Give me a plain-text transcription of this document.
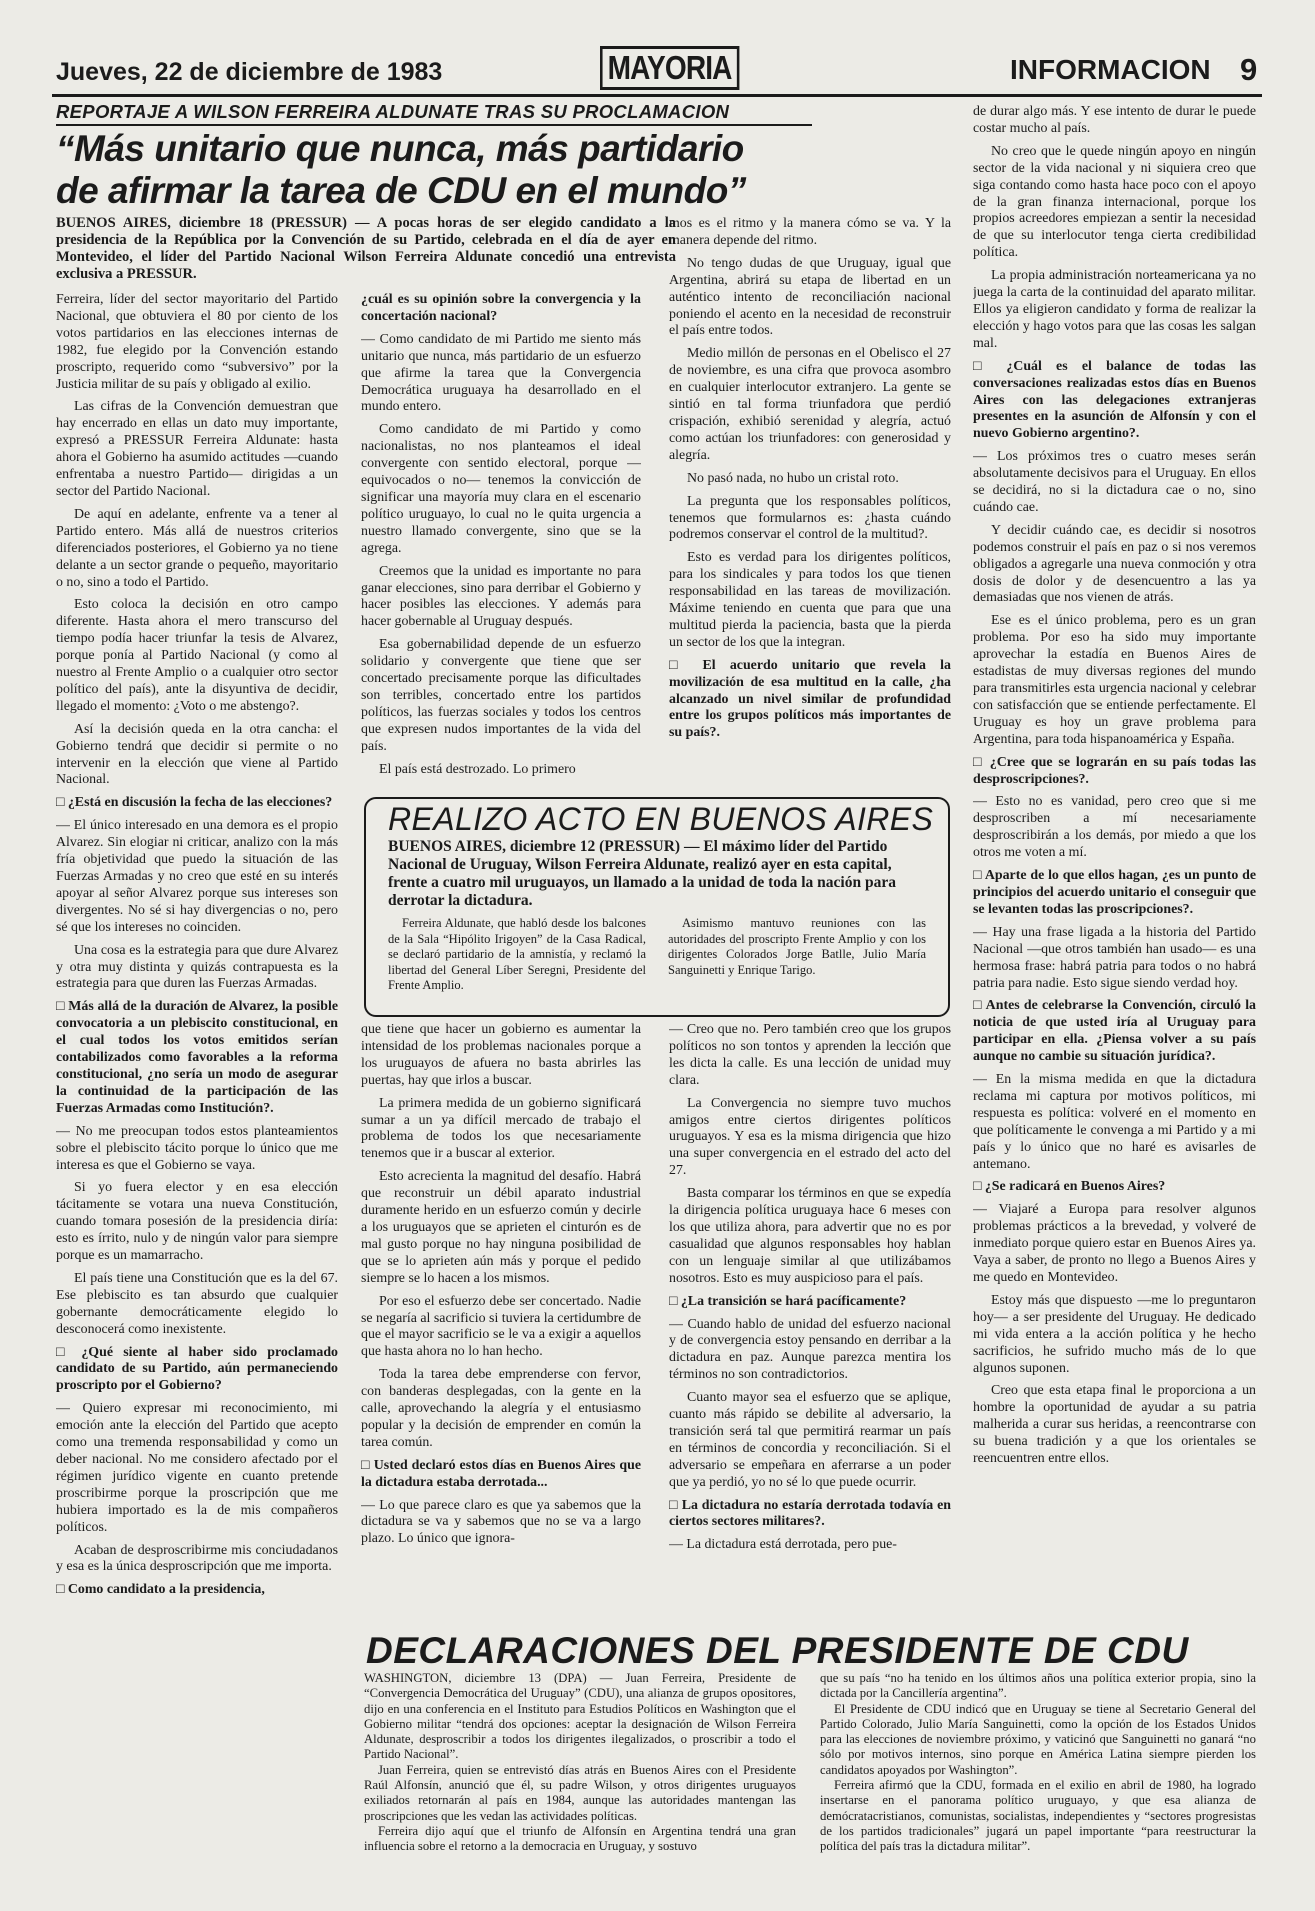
Jueves, 22 de diciembre de 1983	MAYORIA	INFORMACION 9
REPORTAJE A WILSON FERREIRA ALDUNATE TRAS SU PROCLAMACION
“Más unitario que nunca, más partidario
de afirmar la tarea de CDU en el mundo”
BUENOS AIRES, diciembre 18 (PRESSUR) — A pocas horas de ser elegido candidato a la presidencia de la República por la Convención de su Partido, celebrada en el día de ayer en Montevideo, el líder del Partido Nacional Wilson Ferreira Aldunate concedió una entrevista exclusiva a PRESSUR.

Ferreira, líder del sector mayoritario del Partido Nacional, que obtuviera el 80 por ciento de los votos partidarios en las elecciones internas de 1982, fue elegido por la Convención estando proscripto, requerido como “subversivo” por la Justicia militar de su país y obligado al exilio.

Las cifras de la Convención demuestran que hay encerrado en ellas un dato muy importante, expresó a PRESSUR Ferreira Aldunate: hasta ahora el Gobierno ha asumido actitudes —cuando enfrentaba a nuestro Partido— dirigidas a un sector del Partido Nacional.

De aquí en adelante, enfrente va a tener al Partido entero. Más allá de nuestros criterios diferenciados posteriores, el Gobierno ya no tiene delante a un sector grande o pequeño, mayoritario o no, sino a todo el Partido.

Esto coloca la decisión en otro campo diferente. Hasta ahora el mero transcurso del tiempo podía hacer triunfar la tesis de Alvarez, porque ponía al Partido Nacional (y como al nuestro al Frente Amplio o a cualquier otro sector político del país), ante la disyuntiva de decidir, llegado el momento: ¿Voto o me abstengo?.

Así la decisión queda en la otra cancha: el Gobierno tendrá que decidir si permite o no intervenir en la elección que viene al Partido Nacional.

□ ¿Está en discusión la fecha de las elecciones?

— El único interesado en una demora es el propio Alvarez. Sin elogiar ni criticar, analizo con la más fría objetividad que puedo la situación de las Fuerzas Armadas y no creo que esté en su interés apoyar al señor Alvarez porque sus intereses son divergentes. No sé si hay divergencias o no, pero sé que los intereses no coinciden.

Una cosa es la estrategia para que dure Alvarez y otra muy distinta y quizás contrapuesta es la estrategia para que duren las Fuerzas Armadas.

□ Más allá de la duración de Alvarez, la posible convocatoria a un plebiscito constitucional, en el cual todos los votos emitidos serían contabilizados como favorables a la reforma constitucional, ¿no sería un modo de asegurar la continuidad de la participación de las Fuerzas Armadas como Institución?.

— No me preocupan todos estos planteamientos sobre el plebiscito tácito porque lo único que me interesa es que el Gobierno se vaya.

Si yo fuera elector y en esa elección tácitamente se votara una nueva Constitución, cuando tomara posesión de la presidencia diría: esto es írrito, nulo y de ningún valor para siempre porque es un mamarracho.

El país tiene una Constitución que es la del 67. Ese plebiscito es tan absurdo que cualquier gobernante democráticamente elegido lo desconocerá como inexistente.

□ ¿Qué siente al haber sido proclamado candidato de su Partido, aún permaneciendo proscripto por el Gobierno?

— Quiero expresar mi reconocimiento, mi emoción ante la elección del Partido que acepto como una tremenda responsabilidad y como un deber nacional. No me considero afectado por el régimen jurídico vigente en cuanto pretende proscribirme porque la proscripción que me hubiera importado es la de mis compañeros políticos.

Acaban de desproscribirme mis conciudadanos y esa es la única desproscripción que me importa.

□ Como candidato a la presidencia,

¿cuál es su opinión sobre la convergencia y la concertación nacional?

— Como candidato de mi Partido me siento más unitario que nunca, más partidario de un esfuerzo que afirme la tarea que la Convergencia Democrática uruguaya ha desarrollado en el mundo entero.

Como candidato de mi Partido y como nacionalistas, no nos planteamos el ideal convergente con sentido electoral, porque —equivocados o no— tenemos la convicción de significar una mayoría muy clara en el escenario político uruguayo, lo cual no le quita urgencia a nuestro llamado convergente, sino que se la agrega.

Creemos que la unidad es importante no para ganar elecciones, sino para derribar el Gobierno y hacer posibles las elecciones. Y además para hacer gobernable al Uruguay después.

Esa gobernabilidad depende de un esfuerzo solidario y convergente que tiene que ser concertado precisamente porque las dificultades son terribles, concertado entre los partidos políticos, las fuerzas sociales y todos los centros que expresen nudos importantes de la vida del país.

El país está destrozado. Lo primero

mos es el ritmo y la manera cómo se va. Y la manera depende del ritmo.

No tengo dudas de que Uruguay, igual que Argentina, abrirá su etapa de libertad en un auténtico intento de reconciliación nacional poniendo el acento en la necesidad de reconstruir el país entre todos.

Medio millón de personas en el Obelisco el 27 de noviembre, es una cifra que provoca asombro en cualquier interlocutor extranjero. La gente se sintió en tal forma triunfadora que perdió crispación, exhibió serenidad y alegría, actuó como actúan los triunfadores: con generosidad y alegría.

No pasó nada, no hubo un cristal roto.

La pregunta que los responsables políticos, tenemos que formularnos es: ¿hasta cuándo podremos conservar el control de la multitud?.

Esto es verdad para los dirigentes políticos, para los sindicales y para todos los que tienen responsabilidad en las tareas de movilización. Máxime teniendo en cuenta que para que una multitud pierda la paciencia, basta que la pierda un sector de los que la integran.

□ El acuerdo unitario que revela la movilización de esa multitud en la calle, ¿ha alcanzado un nivel similar de profundidad entre los grupos políticos más importantes de su país?.

que tiene que hacer un gobierno es aumentar la intensidad de los problemas nacionales porque a los uruguayos de afuera no basta abrirles las puertas, hay que irlos a buscar.

La primera medida de un gobierno significará sumar a un ya difícil mercado de trabajo el problema de todos los que necesariamente tenemos que ir a buscar al exterior.

Esto acrecienta la magnitud del desafío. Habrá que reconstruir un débil aparato industrial duramente herido en un esfuerzo común y decirle a los uruguayos que se aprieten el cinturón es de mal gusto porque no hay ninguna posibilidad de que se lo aprieten aún más y porque el pedido siempre se lo hacen a los mismos.

Por eso el esfuerzo debe ser concertado. Nadie se negaría al sacrificio si tuviera la certidumbre de que el mayor sacrificio se le va a exigir a aquellos que hasta ahora no lo han hecho.

Toda la tarea debe emprenderse con fervor, con banderas desplegadas, con la gente en la calle, aprovechando la alegría y el entusiasmo popular y la decisión de emprender en común la tarea común.

□ Usted declaró estos días en Buenos Aires que la dictadura estaba derrotada...

— Lo que parece claro es que ya sabemos que la dictadura se va y sabemos que no se va a largo plazo. Lo único que ignora-

— Creo que no. Pero también creo que los grupos políticos no son tontos y aprenden la lección que les dicta la calle. Es una lección de unidad muy clara.

La Convergencia no siempre tuvo muchos amigos entre ciertos dirigentes políticos uruguayos. Y esa es la misma dirigencia que hizo una super convergencia en el estrado del acto del 27.

Basta comparar los términos en que se expedía la dirigencia política uruguaya hace 6 meses con los que utiliza ahora, para advertir que no es por casualidad que algunos responsables hoy hablan con un lenguaje similar al que utilizábamos nosotros. Esto es muy auspicioso para el país.

□ ¿La transición se hará pacíficamente?

— Cuando hablo de unidad del esfuerzo nacional y de convergencia estoy pensando en derribar a la dictadura en paz. Aunque parezca mentira los términos no son contradictorios.

Cuanto mayor sea el esfuerzo que se aplique, cuanto más rápido se debilite al adversario, la transición será tal que permitirá rearmar un país en términos de concordia y reconciliación. Si el adversario se empeñara en aferrarse a un poder que ya perdió, yo no sé lo que puede ocurrir.

□ La dictadura no estaría derrotada todavía en ciertos sectores militares?.

— La dictadura está derrotada, pero pue-

de durar algo más. Y ese intento de durar le puede costar mucho al país.

No creo que le quede ningún apoyo en ningún sector de la vida nacional y ni siquiera creo que siga contando como hasta hace poco con el apoyo de la gran finanza internacional, porque los propios acreedores empiezan a sentir la necesidad de que su interlocutor tenga cierta credibilidad política.

La propia administración norteamericana ya no juega la carta de la continuidad del aparato militar. Ellos ya eligieron candidato y forma de realizar la elección y hago votos para que las cosas les salgan mal.

□ ¿Cuál es el balance de todas las conversaciones realizadas estos días en Buenos Aires con las delegaciones extranjeras presentes en la asunción de Alfonsín y con el nuevo Gobierno argentino?.

— Los próximos tres o cuatro meses serán absolutamente decisivos para el Uruguay. En ellos se decidirá, no si la dictadura cae o no, sino cuándo cae.

Y decidir cuándo cae, es decidir si nosotros podemos construir el país en paz o si nos veremos obligados a agregarle una nueva conmoción y otra dosis de dolor y de desencuentro a las ya demasiadas que nos vienen de atrás.

Ese es el único problema, pero es un gran problema. Por eso ha sido muy importante aprovechar la estadía en Buenos Aires de estadistas de muy diversas regiones del mundo para transmitirles esta urgencia nacional y celebrar con satisfacción que se entiende perfectamente. El Uruguay es hoy un grave problema para Argentina, para toda hispanoamérica y España.

□ ¿Cree que se lograrán en su país todas las desproscripciones?.

— Esto no es vanidad, pero creo que si me desproscriben a mí necesariamente desproscribirán a los demás, por miedo a que los otros me voten a mí.

□ Aparte de lo que ellos hagan, ¿es un punto de principios del acuerdo unitario el conseguir que se levanten todas las proscripciones?.

— Hay una frase ligada a la historia del Partido Nacional —que otros también han usado— es una hermosa frase: habrá patria para todos o no habrá patria para nadie. Esto sigue siendo verdad hoy.

□ Antes de celebrarse la Convención, circuló la noticia de que usted iría al Uruguay para participar en ella. ¿Piensa volver a su país aunque no cambie su situación jurídica?.

— En la misma medida en que la dictadura reclama mi captura por motivos políticos, mi respuesta es política: volveré en el momento en que políticamente le convenga a mi Partido y a mi país y lo único que no haré es avisarles de antemano.

□ ¿Se radicará en Buenos Aires?

— Viajaré a Europa para resolver algunos problemas prácticos a la brevedad, y volveré de inmediato porque quiero estar en Buenos Aires ya. Vaya a saber, de pronto no llego a Buenos Aires y me quedo en Montevideo.

Estoy más que dispuesto —me lo preguntaron hoy— a ser presidente del Uruguay. He dedicado mi vida entera a la acción política y he hecho sacrificios, he sufrido mucho más de lo que algunos suponen.

Creo que esta etapa final le proporciona a un hombre la oportunidad de ayudar a su patria malherida a curar sus heridas, a reencontrarse con su buena tradición y a que los orientales se reencuentren entre ellos.

REALIZO ACTO EN BUENOS AIRES
BUENOS AIRES, diciembre 12 (PRESSUR) — El máximo líder del Partido Nacional de Uruguay, Wilson Ferreira Aldunate, realizó ayer en esta capital, frente a cuatro mil uruguayos, un llamado a la unidad de toda la nación para derrotar la dictadura.

Ferreira Aldunate, que habló desde los balcones de la Sala “Hipólito Irigoyen” de la Casa Radical, se declaró partidario de la amnistía, y reclamó la libertad del General Líber Seregni, Presidente del Frente Amplio.

Asimismo mantuvo reuniones con las autoridades del proscripto Frente Amplio y con los dirigentes Colorados Jorge Batlle, Julio María Sanguinetti y Enrique Tarigo.

DECLARACIONES DEL PRESIDENTE DE CDU

WASHINGTON, diciembre 13 (DPA) — Juan Ferreira, Presidente de “Convergencia Democrática del Uruguay” (CDU), una alianza de grupos opositores, dijo en una conferencia en el Instituto para Estudios Políticos en Washington que el Gobierno militar “tendrá dos opciones: aceptar la designación de Wilson Ferreira Aldunate, desproscribir a todos los dirigentes ilegalizados, o proscribir a todo el Partido Nacional”.

Juan Ferreira, quien se entrevistó días atrás en Buenos Aires con el Presidente Raúl Alfonsín, anunció que él, su padre Wilson, y otros dirigentes uruguayos exiliados retornarán al país en 1984, aunque las autoridades mantengan las proscripciones que les vedan las actividades políticas.

Ferreira dijo aquí que el triunfo de Alfonsín en Argentina tendrá una gran influencia sobre el retorno a la democracia en Uruguay, y sostuvo

que su país “no ha tenido en los últimos años una política exterior propia, sino la dictada por la Cancillería argentina”.

El Presidente de CDU indicó que en Uruguay se tiene al Secretario General del Partido Colorado, Julio María Sanguinetti, como la opción de los Estados Unidos para las elecciones de noviembre próximo, y vaticinó que Sanguinetti no ganará “no sólo por motivos internos, sino porque en América Latina siempre pierden los candidatos apoyados por Washington”.

Ferreira afirmó que la CDU, formada en el exilio en abril de 1980, ha logrado insertarse en el panorama político uruguayo, y que esa alianza de demócratacristianos, comunistas, socialistas, independientes y “sectores progresistas de los partidos tradicionales” jugará un papel importante “para reestructurar la política del país tras la dictadura militar”.
